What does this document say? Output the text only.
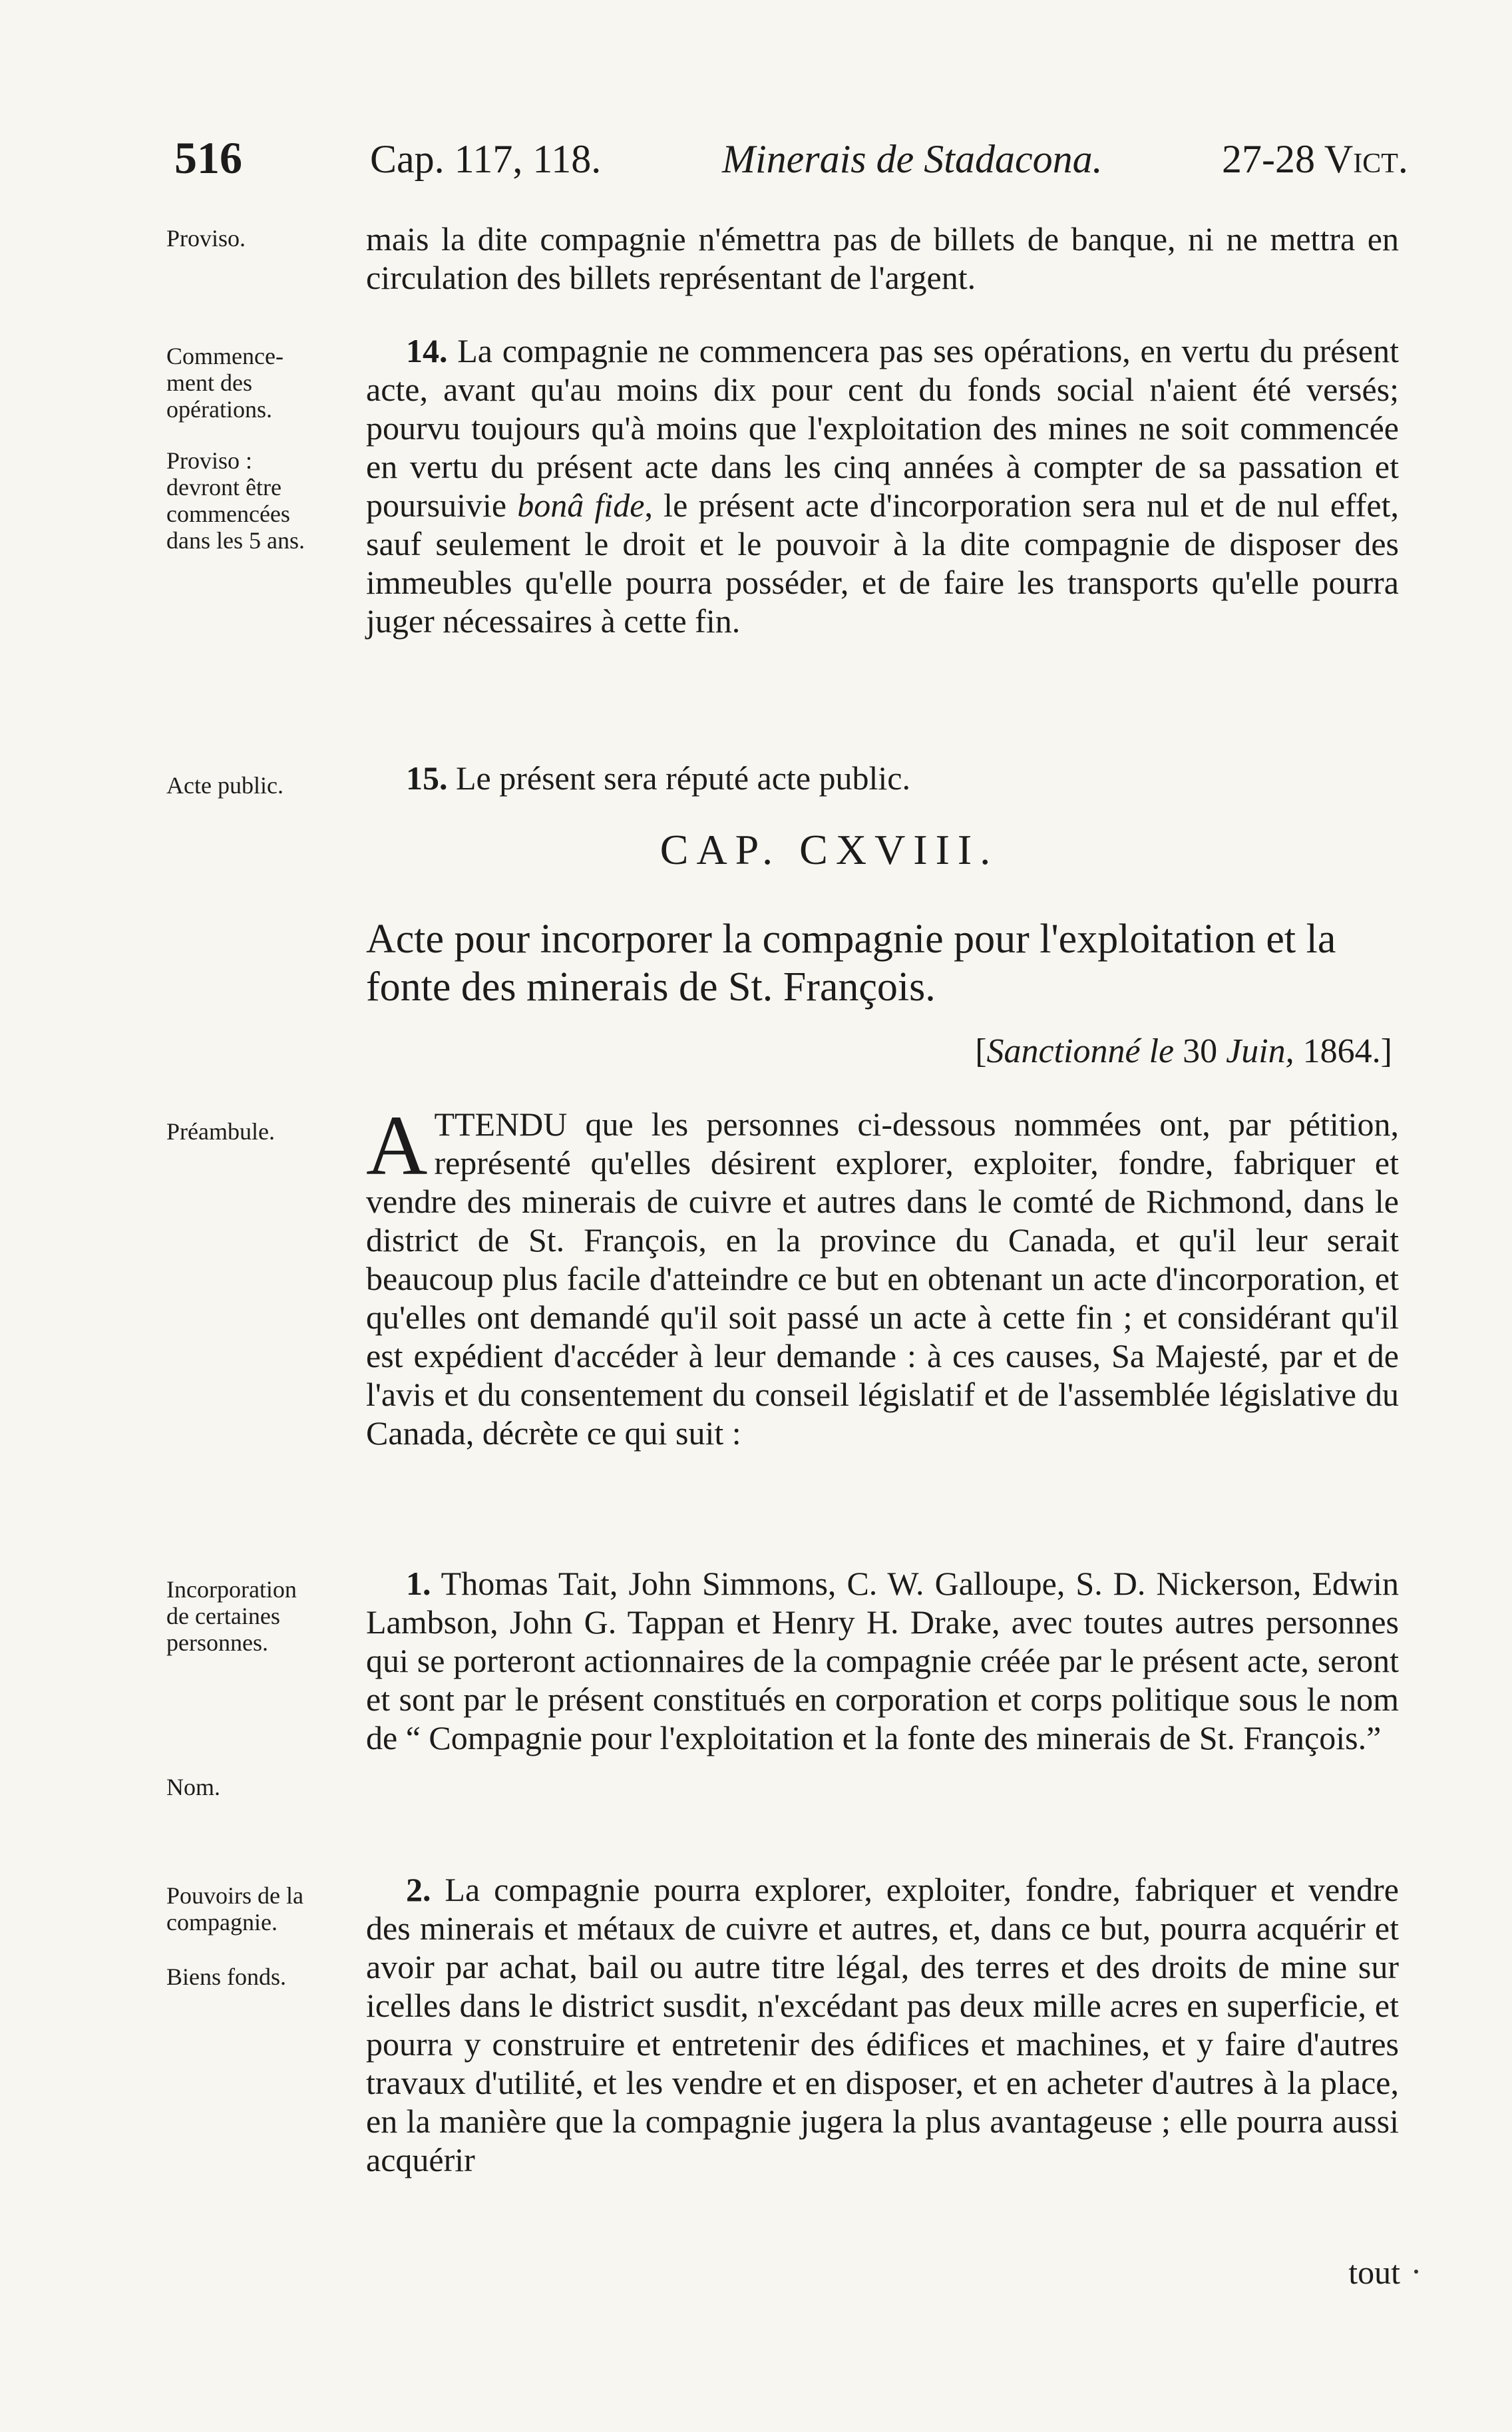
516	Cap. 117, 118.	Minerais de Stadacona.	27-28 Vict.
Proviso.
Commence-
ment des
opérations.
Proviso :
devront être
commencées
dans les 5 ans.
Acte public.
Préambule.
Incorporation
de certaines
personnes.
Nom.
Pouvoirs de la
compagnie.
Biens fonds.

mais la dite compagnie n'émettra pas de billets de banque, ni ne mettra en circulation des billets représentant de l'argent.

14. La compagnie ne commencera pas ses opérations, en vertu du présent acte, avant qu'au moins dix pour cent du fonds social n'aient été versés; pourvu toujours qu'à moins que l'exploitation des mines ne soit commencée en vertu du présent acte dans les cinq années à compter de sa passation et poursuivie bonâ fide, le présent acte d'incorporation sera nul et de nul effet, sauf seulement le droit et le pouvoir à la dite compagnie de disposer des immeubles qu'elle pourra posséder, et de faire les transports qu'elle pourra juger nécessaires à cette fin.

15. Le présent sera réputé acte public.

CAP. CXVIII.
Acte pour incorporer la compagnie pour l'exploitation et la fonte des minerais de St. François.
[Sanctionné le 30 Juin, 1864.]

A TTENDU que les personnes ci-dessous nommées ont, par pétition, représenté qu'elles désirent explorer, exploiter, fondre, fabriquer et vendre des minerais de cuivre et autres dans le comté de Richmond, dans le district de St. François, en la province du Canada, et qu'il leur serait beaucoup plus facile d'atteindre ce but en obtenant un acte d'incorporation, et qu'elles ont demandé qu'il soit passé un acte à cette fin ; et considérant qu'il est expédient d'accéder à leur demande : à ces causes, Sa Majesté, par et de l'avis et du consentement du conseil législatif et de l'assemblée législative du Canada, décrète ce qui suit :

1. Thomas Tait, John Simmons, C. W. Galloupe, S. D. Nickerson, Edwin Lambson, John G. Tappan et Henry H. Drake, avec toutes autres personnes qui se porteront actionnaires de la compagnie créée par le présent acte, seront et sont par le présent constitués en corporation et corps politique sous le nom de “ Compagnie pour l'exploitation et la fonte des minerais de St. François.”

2. La compagnie pourra explorer, exploiter, fondre, fabriquer et vendre des minerais et métaux de cuivre et autres, et, dans ce but, pourra acquérir et avoir par achat, bail ou autre titre légal, des terres et des droits de mine sur icelles dans le district susdit, n'excédant pas deux mille acres en superficie, et pourra y construire et entretenir des édifices et machines, et y faire d'autres travaux d'utilité, et les vendre et en disposer, et en acheter d'autres à la place, en la manière que la compagnie jugera la plus avantageuse ; elle pourra aussi acquérir

tout
